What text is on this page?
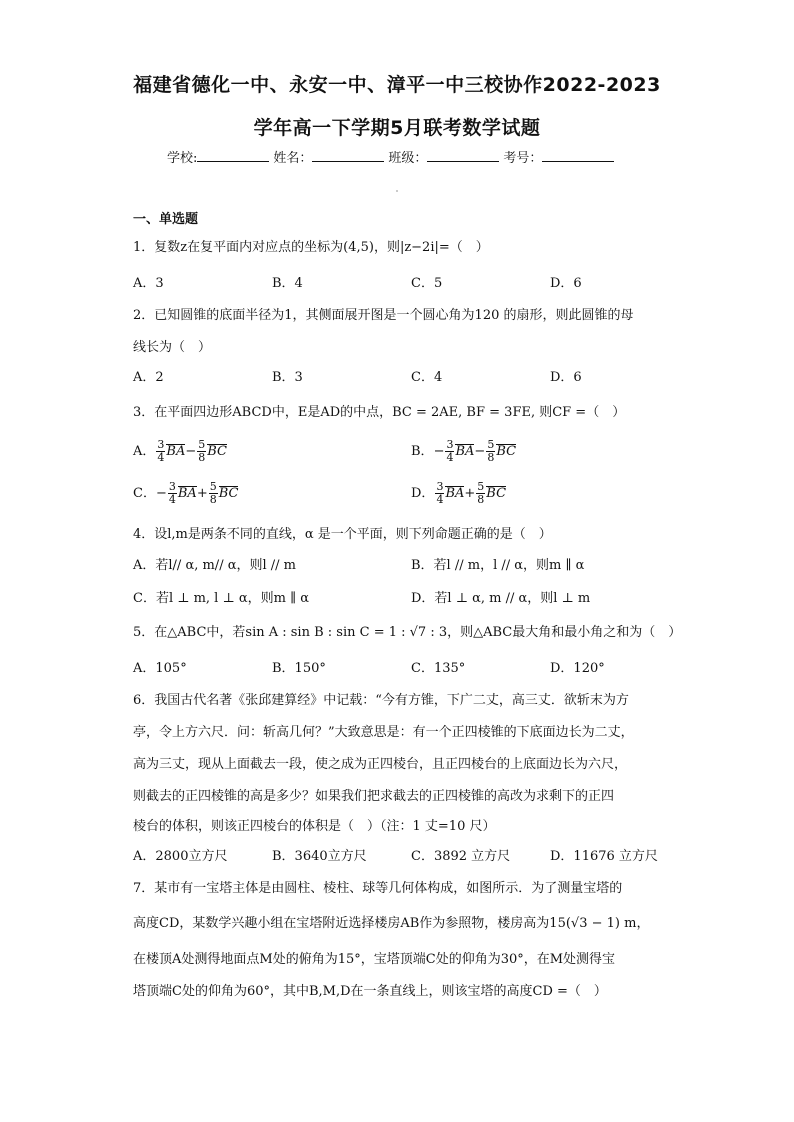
福建省德化一中、永安一中、漳平一中三校协作2022-2023
学年高一下学期5月联考数学试题
学校:	姓名：	班级：	考号：
一、单选题
1．复数z在复平面内对应点的坐标为(4,5)，则|z−2i|=（　）
A．3	B．4	C．5	D．6
2．已知圆锥的底面半径为1，其侧面展开图是一个圆心角为120 的扇形，则此圆锥的母
线长为（　）
A．2	B．3	C．4	D．6
3．在平面四边形ABCD中，E是AD的中点，BC = 2AE, BF = 3FE, 则CF =（　）
A． $\frac{3}{4} BA- \frac{5}{8}$ BC	B．− $\frac{3}{4} BA- \frac{5}{8}$ BC
C．− $\frac{3}{4} BA+ \frac{5}{8}$ BC	D． $\frac{3}{4} BA+ \frac{5}{8}$ BC
4．设l,m是两条不同的直线，α 是一个平面，则下列命题正确的是（　）
A．若l// α, m// α，则l // m	B．若l // m，l // α，则m ∥ α
C．若l ⊥ m, l ⊥ α，则m ∥ α	D．若l ⊥ α, m // α，则l ⊥ m
5．在△ABC中，若sin A : sin B : sin C = 1 : √7 : 3，则△ABC最大角和最小角之和为（　）
A．105°	B．150°	C．135°	D．120°
6．我国古代名著《张邱建算经》中记载：“今有方锥，下广二丈，高三丈．欲斩末为方
亭，令上方六尺．问：斩高几何？”大致意思是：有一个正四棱锥的下底面边长为二丈，
高为三丈，现从上面截去一段，使之成为正四棱台，且正四棱台的上底面边长为六尺，
则截去的正四棱锥的高是多少？如果我们把求截去的正四棱锥的高改为求剩下的正四
棱台的体积，则该正四棱台的体积是（　）（注：1 丈=10 尺）
A．2800立方尺	B．3640立方尺	C．3892 立方尺	D．11676 立方尺
7．某市有一宝塔主体是由圆柱、棱柱、球等几何体构成，如图所示．为了测量宝塔的
高度CD，某数学兴趣小组在宝塔附近选择楼房AB作为参照物，楼房高为15(√3 − 1) m，
在楼顶A处测得地面点M处的俯角为15°，宝塔顶端C处的仰角为30°，在M处测得宝
塔顶端C处的仰角为60°，其中B,M,D在一条直线上，则该宝塔的高度CD =（　）
